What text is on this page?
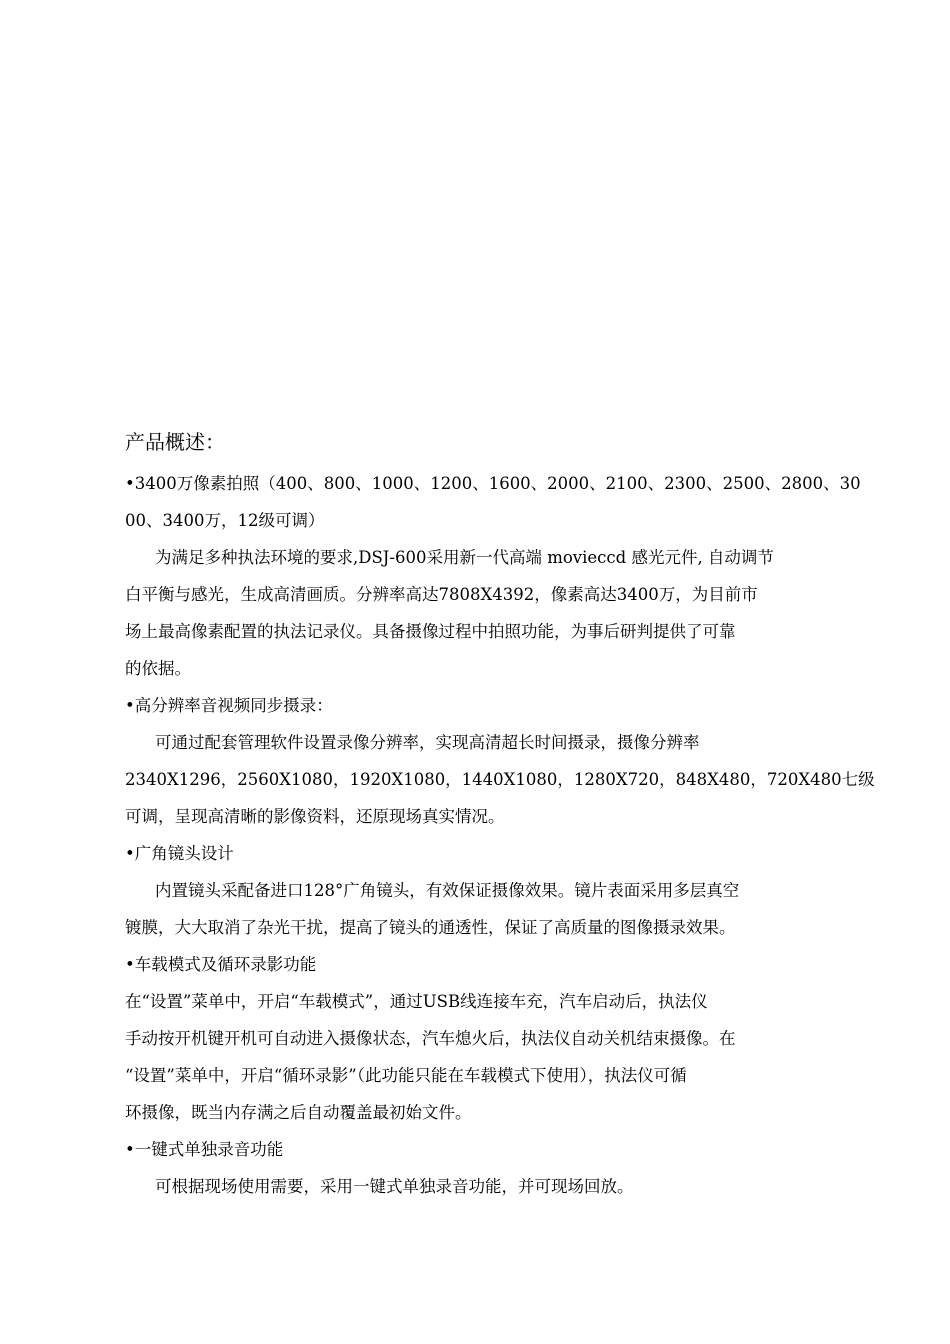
产品概述：
•3400万像素拍照（400、800、1000、1200、1600、2000、2100、2300、2500、2800、30
00、3400万，12级可调）
为满足多种执法环境的要求,DSJ-600采用新一代高端 movieccd 感光元件, 自动调节
白平衡与感光，生成高清画质。分辨率高达7808X4392，像素高达3400万，为目前市
场上最高像素配置的执法记录仪。具备摄像过程中拍照功能，为事后研判提供了可靠
的依据。
•高分辨率音视频同步摄录：
可通过配套管理软件设置录像分辨率，实现高清超长时间摄录，摄像分辨率
2340X1296，2560X1080，1920X1080，1440X1080，1280X720，848X480，720X480七级
可调，呈现高清晰的影像资料，还原现场真实情况。
•广角镜头设计
内置镜头采配备进口128°广角镜头，有效保证摄像效果。镜片表面采用多层真空
镀膜，大大取消了杂光干扰，提高了镜头的通透性，保证了高质量的图像摄录效果。
•车载模式及循环录影功能
在“设置”菜单中，开启“车载模式”，通过USB线连接车充，汽车启动后，执法仪
手动按开机键开机可自动进入摄像状态，汽车熄火后，执法仪自动关机结束摄像。在
“设置”菜单中，开启“循环录影”（此功能只能在车载模式下使用），执法仪可循
环摄像，既当内存满之后自动覆盖最初始文件。
•一键式单独录音功能
可根据现场使用需要，采用一键式单独录音功能，并可现场回放。
